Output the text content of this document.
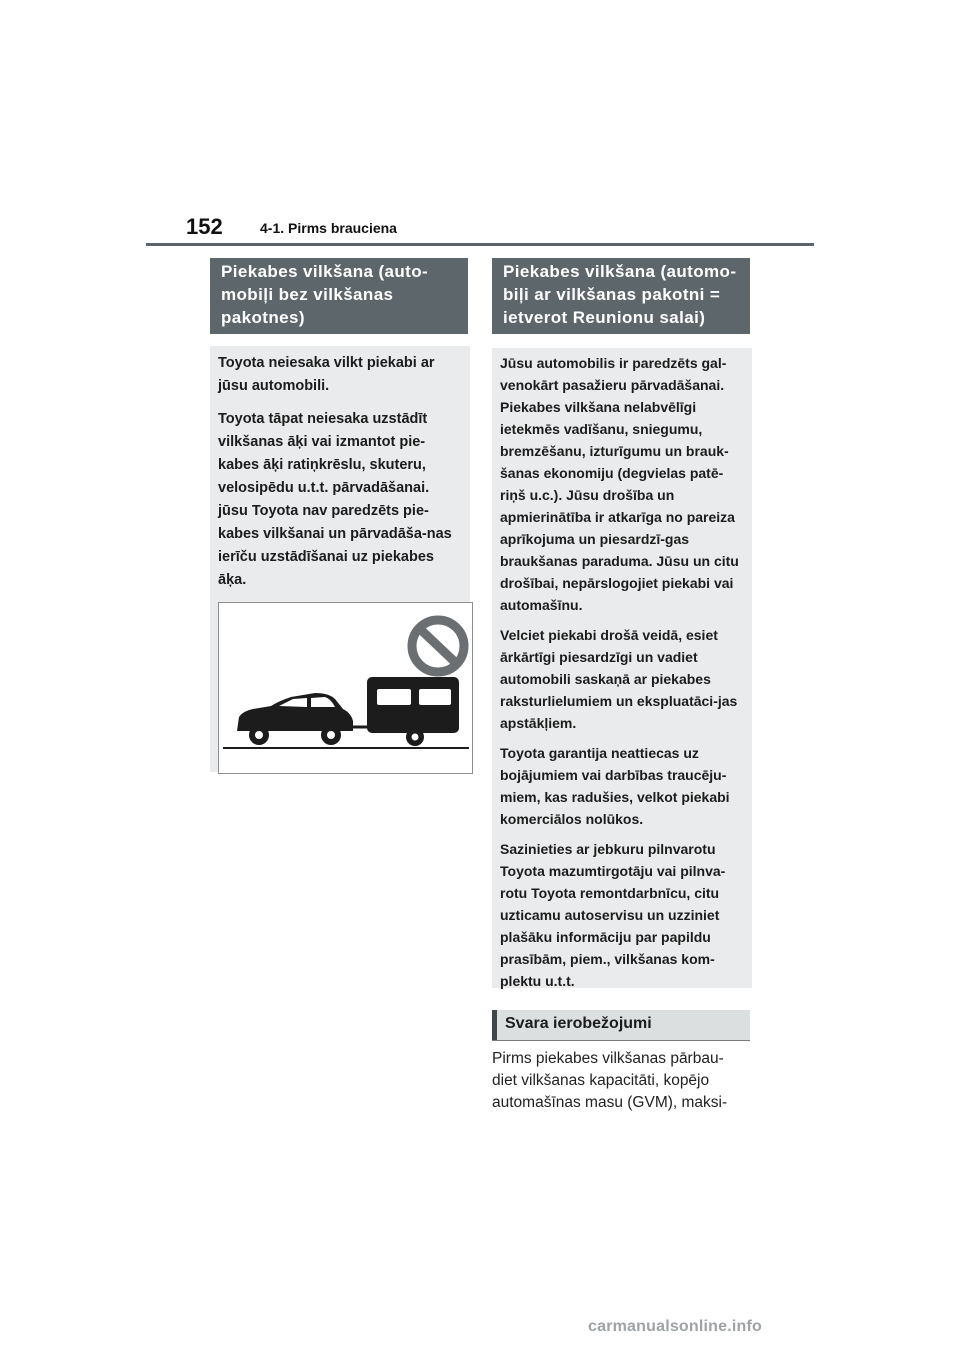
152	4-1. Pirms brauciena
Piekabes vilkšana (auto-
mobiļi bez vilkšanas
pakotnes)

Toyota neiesaka vilkt piekabi ar jūsu automobili.

Toyota tāpat neiesaka uzstādīt vilkšanas āķi vai izmantot pie-kabes āķi ratiņkrēslu, skuteru, velosipēdu u.t.t. pārvadāšanai. jūsu Toyota nav paredzēts pie-kabes vilkšanai un pārvadāša-nas ierīču uzstādīšanai uz piekabes āķa.

Piekabes vilkšana (automo-
biļi ar vilkšanas pakotni =
ietverot Reunionu salai)

Jūsu automobilis ir paredzēts gal-venokārt pasažieru pārvadāšanai. Piekabes vilkšana nelabvēlīgi ietekmēs vadīšanu, sniegumu, bremzēšanu, izturīgumu un brauk-šanas ekonomiju (degvielas patē-riņš u.c.). Jūsu drošība un apmierinātība ir atkarīga no pareiza aprīkojuma un piesardzī-gas braukšanas paraduma. Jūsu un citu drošībai, nepārslogojiet piekabi vai automašīnu.

Velciet piekabi drošā veidā, esiet ārkārtīgi piesardzīgi un vadiet automobili saskaņā ar piekabes raksturlielumiem un ekspluatāci-jas apstākļiem.

Toyota garantija neattiecas uz bojājumiem vai darbības traucēju-miem, kas radušies, velkot piekabi komerciālos nolūkos.

Sazinieties ar jebkuru pilnvarotu Toyota mazumtirgotāju vai pilnva-rotu Toyota remontdarbnīcu, citu uzticamu autoservisu un uzziniet plašāku informāciju par papildu prasībām, piem., vilkšanas kom-plektu u.t.t.

Svara ierobežojumi
Pirms piekabes vilkšanas pārbau-
diet vilkšanas kapacitāti, kopējo
automašīnas masu (GVM), maksi-
carmanualsonline.info
